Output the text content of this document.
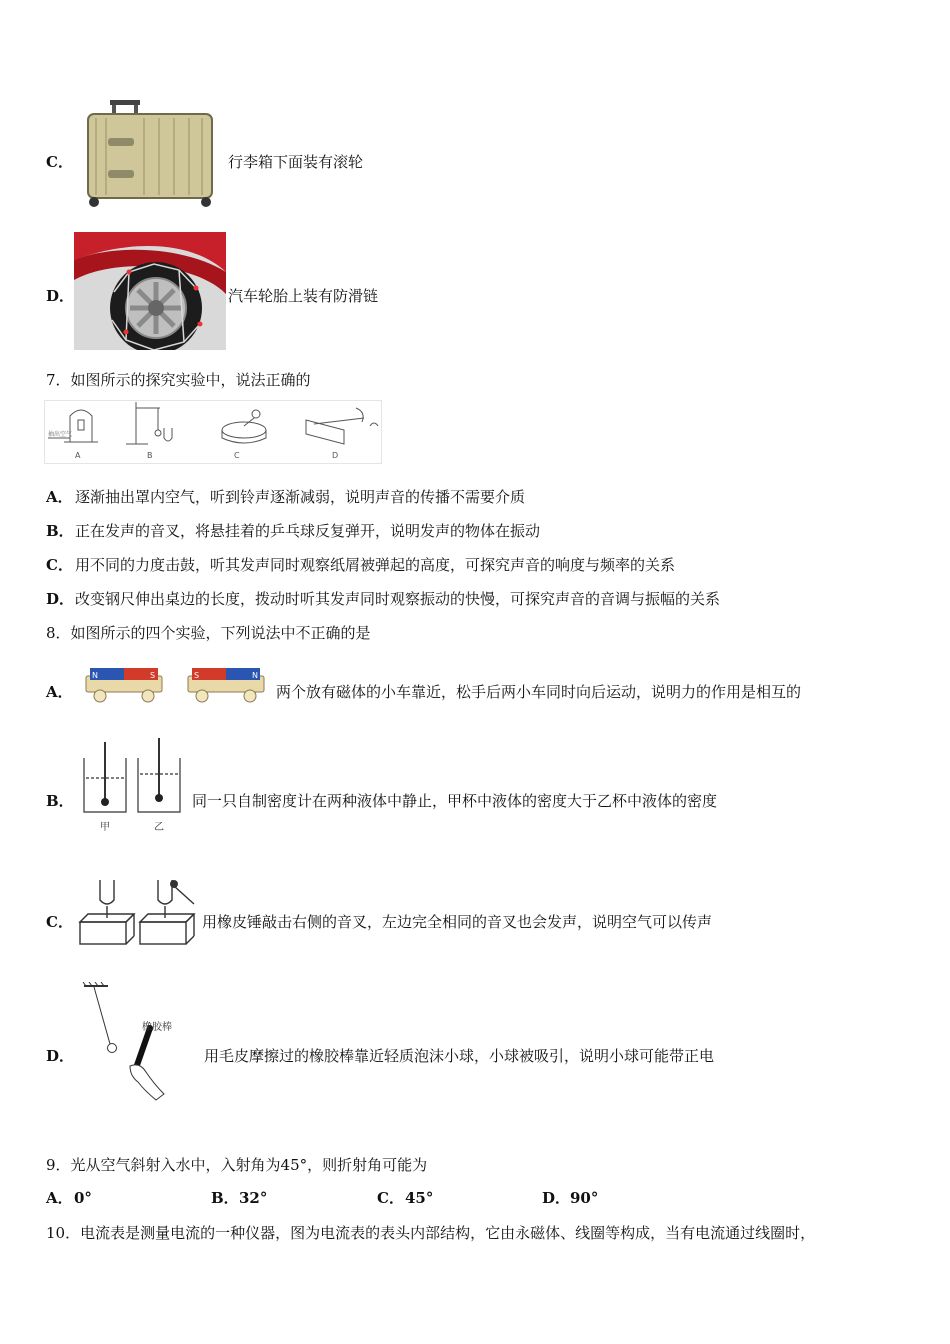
C．	行李箱下面装有滚轮
D．	汽车轮胎上装有防滑链
7．如图所示的探究实验中，说法正确的
抽出空气
A	B	C	D
A． 逐渐抽出罩内空气，听到铃声逐渐减弱，说明声音的传播不需要介质
B． 正在发声的音叉，将悬挂着的乒乓球反复弹开，说明发声的物体在振动
C． 用不同的力度击鼓，听其发声同时观察纸屑被弹起的高度，可探究声音的响度与频率的关系
D． 改变钢尺伸出桌边的长度，拨动时听其发声同时观察振动的快慢，可探究声音的音调与振幅的关系
8．如图所示的四个实验，下列说法中不正确的是
A．
N	S	S	N
两个放有磁体的小车靠近，松手后两小车同时向后运动，说明力的作用是相互的
B．
甲	乙
同一只自制密度计在两种液体中静止，甲杯中液体的密度大于乙杯中液体的密度
C．	用橡皮锤敲击右侧的音叉，左边完全相同的音叉也会发声，说明空气可以传声
D．
橡胶棒
用毛皮摩擦过的橡胶棒靠近轻质泡沫小球，小球被吸引，说明小球可能带正电
9．光从空气斜射入水中，入射角为45°，则折射角可能为
A． 0°	B． 32°	C． 45°	D． 90°
10．电流表是测量电流的一种仪器，图为电流表的表头内部结构，它由永磁体、线圈等构成，当有电流通过线圈时，
